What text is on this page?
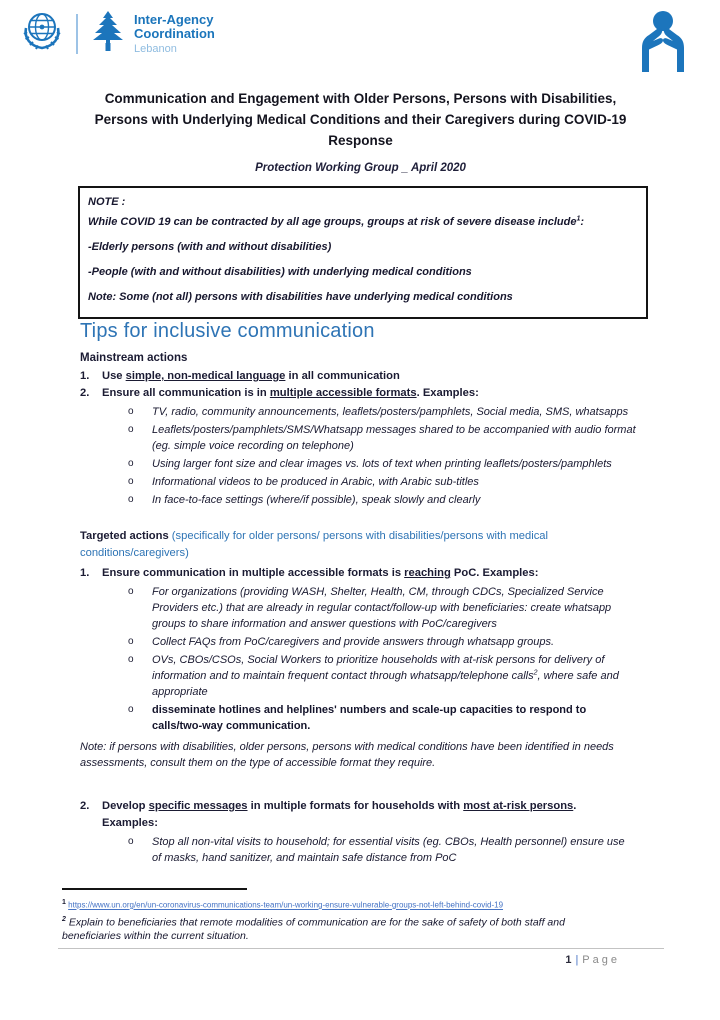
Inter-Agency
Coordination
Lebanon
Communication and Engagement with Older Persons, Persons with Disabilities, Persons with Underlying Medical Conditions and their Caregivers during COVID-19 Response
Protection Working Group _ April 2020

NOTE :

While COVID 19 can be contracted by all age groups, groups at risk of severe disease include$^1$:

-Elderly persons (with and without disabilities)

-People (with and without disabilities) with underlying medical conditions

Note: Some (not all) persons with disabilities have underlying medical conditions

Tips for inclusive communication

Mainstream actions

1.	Use simple, non-medical language in all communication
2.	Ensure all communication is in multiple accessible formats. Examples:
o	TV, radio, community announcements, leaflets/posters/pamphlets, Social media, SMS, whatsapps
o	Leaflets/posters/pamphlets/SMS/Whatsapp messages shared to be accompanied with audio format (eg. simple voice recording on telephone)
o	Using larger font size and clear images vs. lots of text when printing leaflets/posters/pamphlets
o	Informational videos to be produced in Arabic, with Arabic sub-titles
o	In face-to-face settings (where/if possible), speak slowly and clearly

Targeted actions (specifically for older persons/ persons with disabilities/persons with medical conditions/caregivers)

1.	Ensure communication in multiple accessible formats is reaching PoC. Examples:
o	For organizations (providing WASH, Shelter, Health, CM, through CDCs, Specialized Service Providers etc.) that are already in regular contact/follow-up with beneficiaries: create whatsapp groups to share information and answer questions with PoC/caregivers
o	Collect FAQs from PoC/caregivers and provide answers through whatsapp groups.
o	OVs, CBOs/CSOs, Social Workers to prioritize households with at-risk persons for delivery of information and to maintain frequent contact through whatsapp/telephone calls$^2$, where safe and appropriate
o	disseminate hotlines and helplines' numbers and scale-up capacities to respond to calls/two-way communication.

Note: if persons with disabilities, older persons, persons with medical conditions have been identified in needs assessments, consult them on the type of accessible format they require.

2.	Develop specific messages in multiple formats for households with most at-risk persons.

Examples:

o	Stop all non-vital visits to household; for essential visits (eg. CBOs, Health personnel) ensure use of masks, hand sanitizer, and maintain safe distance from PoC
1 https://www.un.org/en/un-coronavirus-communications-team/un-working-ensure-vulnerable-groups-not-left-behind-covid-19
$^2$ Explain to beneficiaries that remote modalities of communication are for the sake of safety of both staff and beneficiaries within the current situation.
1 | Page
